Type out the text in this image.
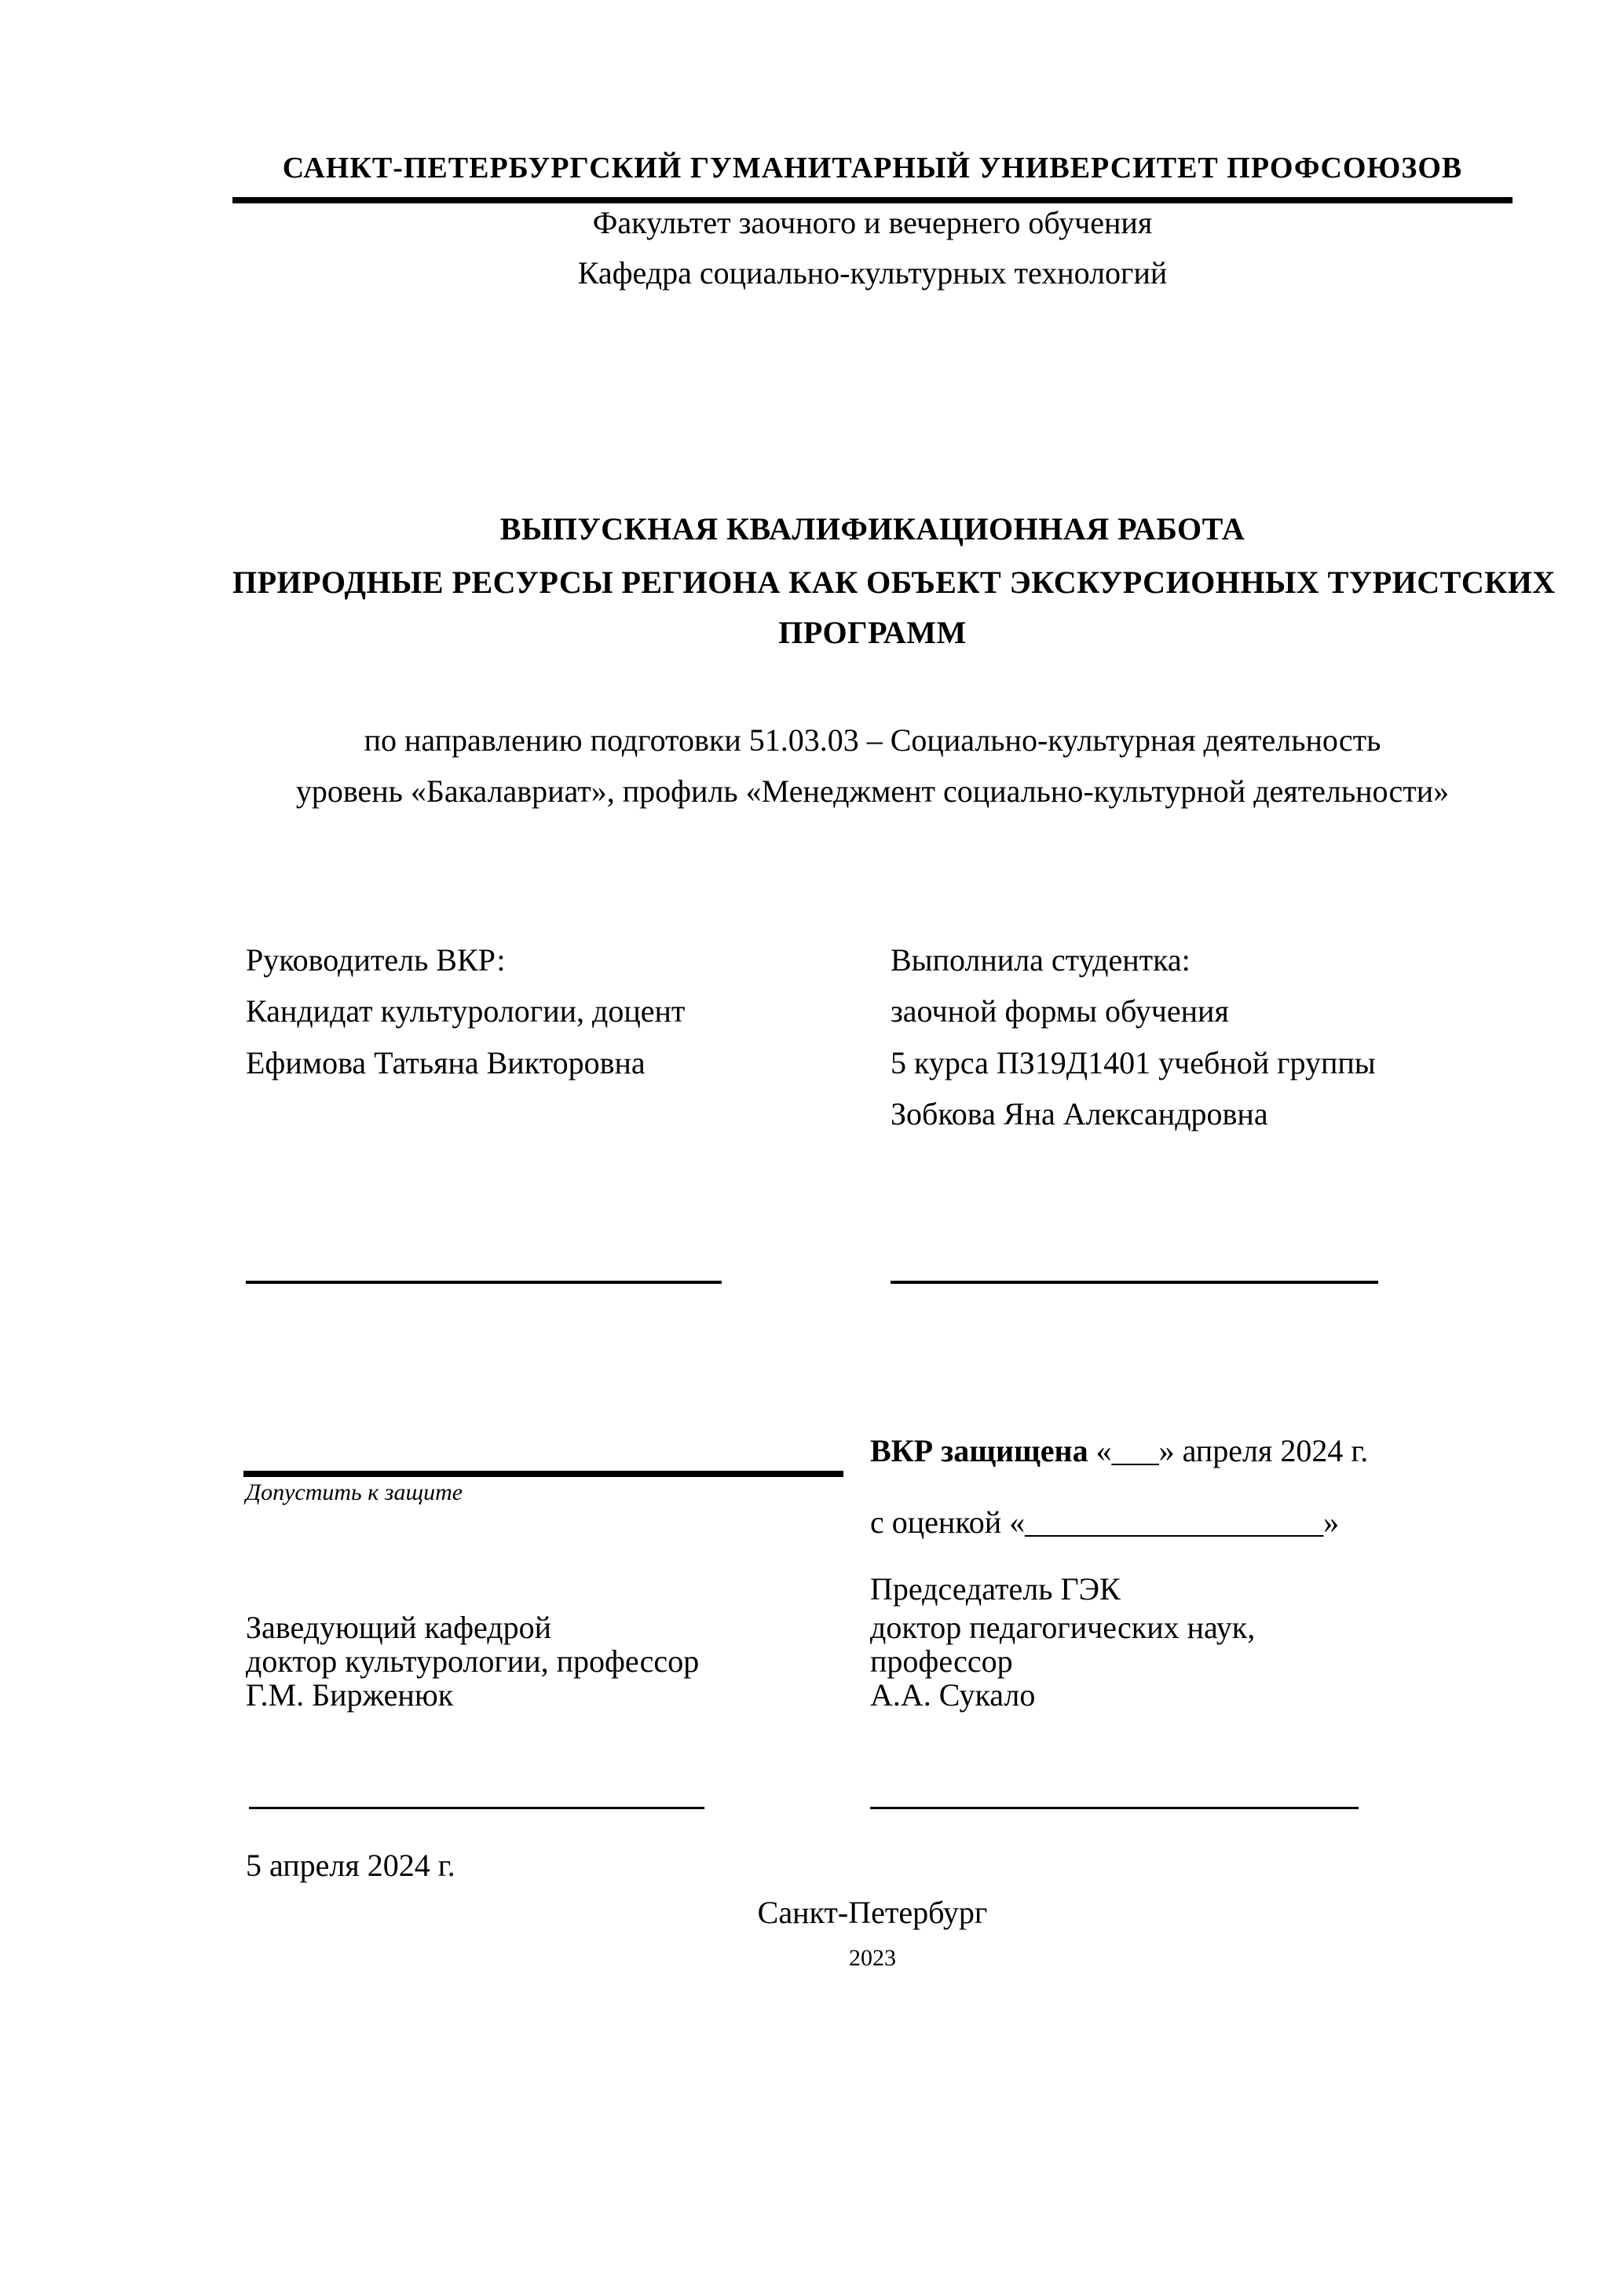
САНКТ-ПЕТЕРБУРГСКИЙ ГУМАНИТАРНЫЙ УНИВЕРСИТЕТ ПРОФСОЮЗОВ
Факультет заочного и вечернего обучения
Кафедра социально-культурных технологий
ВЫПУСКНАЯ КВАЛИФИКАЦИОННАЯ РАБОТА
ПРИРОДНЫЕ РЕСУРСЫ РЕГИОНА КАК ОБЪЕКТ ЭКСКУРСИОННЫХ ТУРИСТСКИХ
ПРОГРАММ
по направлению подготовки 51.03.03 – Социально-культурная деятельность
уровень «Бакалавриат», профиль «Менеджмент социально-культурной деятельности»
Руководитель ВКР:
Кандидат культурологии, доцент
Ефимова Татьяна Викторовна
Выполнила студентка:
заочной формы обучения
5 курса ПЗ19Д1401 учебной группы
Зобкова Яна Александровна
ВКР защищена «___» апреля 2024 г.
с оценкой «___________________»
Допустить к защите
Председатель ГЭК
доктор педагогических наук,
профессор
А.А. Сукало
Заведующий кафедрой
доктор культурологии, профессор
Г.М. Бирженюк
5 апреля 2024 г.
Санкт-Петербург
2023
